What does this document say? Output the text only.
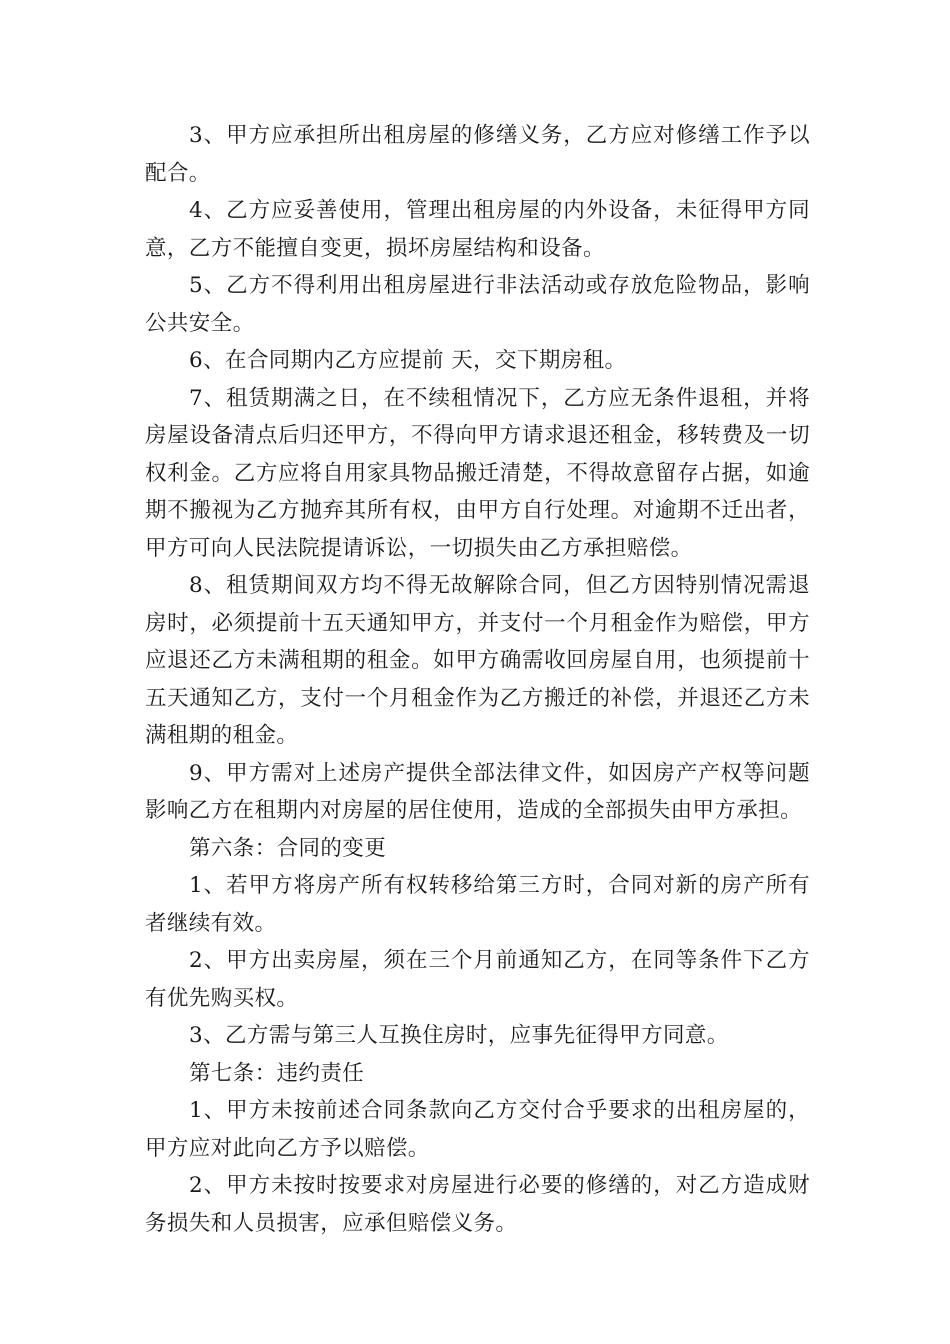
3、甲方应承担所出租房屋的修缮义务，乙方应对修缮工作予以配合。

4、乙方应妥善使用，管理出租房屋的内外设备，未征得甲方同意，乙方不能擅自变更，损坏房屋结构和设备。

5、乙方不得利用出租房屋进行非法活动或存放危险物品，影响公共安全。

6、在合同期内乙方应提前 天，交下期房租。

7、租赁期满之日，在不续租情况下，乙方应无条件退租，并将房屋设备清点后归还甲方，不得向甲方请求退还租金，移转费及一切权利金。乙方应将自用家具物品搬迁清楚，不得故意留存占据，如逾期不搬视为乙方抛弃其所有权，由甲方自行处理。对逾期不迁出者，甲方可向人民法院提请诉讼，一切损失由乙方承担赔偿。

8、租赁期间双方均不得无故解除合同，但乙方因特别情况需退房时，必须提前十五天通知甲方，并支付一个月租金作为赔偿，甲方应退还乙方未满租期的租金。如甲方确需收回房屋自用，也须提前十五天通知乙方，支付一个月租金作为乙方搬迁的补偿，并退还乙方未满租期的租金。

9、甲方需对上述房产提供全部法律文件，如因房产产权等问题影响乙方在租期内对房屋的居住使用，造成的全部损失由甲方承担。

第六条：合同的变更

1、若甲方将房产所有权转移给第三方时，合同对新的房产所有者继续有效。

2、甲方出卖房屋，须在三个月前通知乙方，在同等条件下乙方有优先购买权。

3、乙方需与第三人互换住房时，应事先征得甲方同意。

第七条：违约责任

1、甲方未按前述合同条款向乙方交付合乎要求的出租房屋的，甲方应对此向乙方予以赔偿。

2、甲方未按时按要求对房屋进行必要的修缮的，对乙方造成财务损失和人员损害，应承但赔偿义务。
